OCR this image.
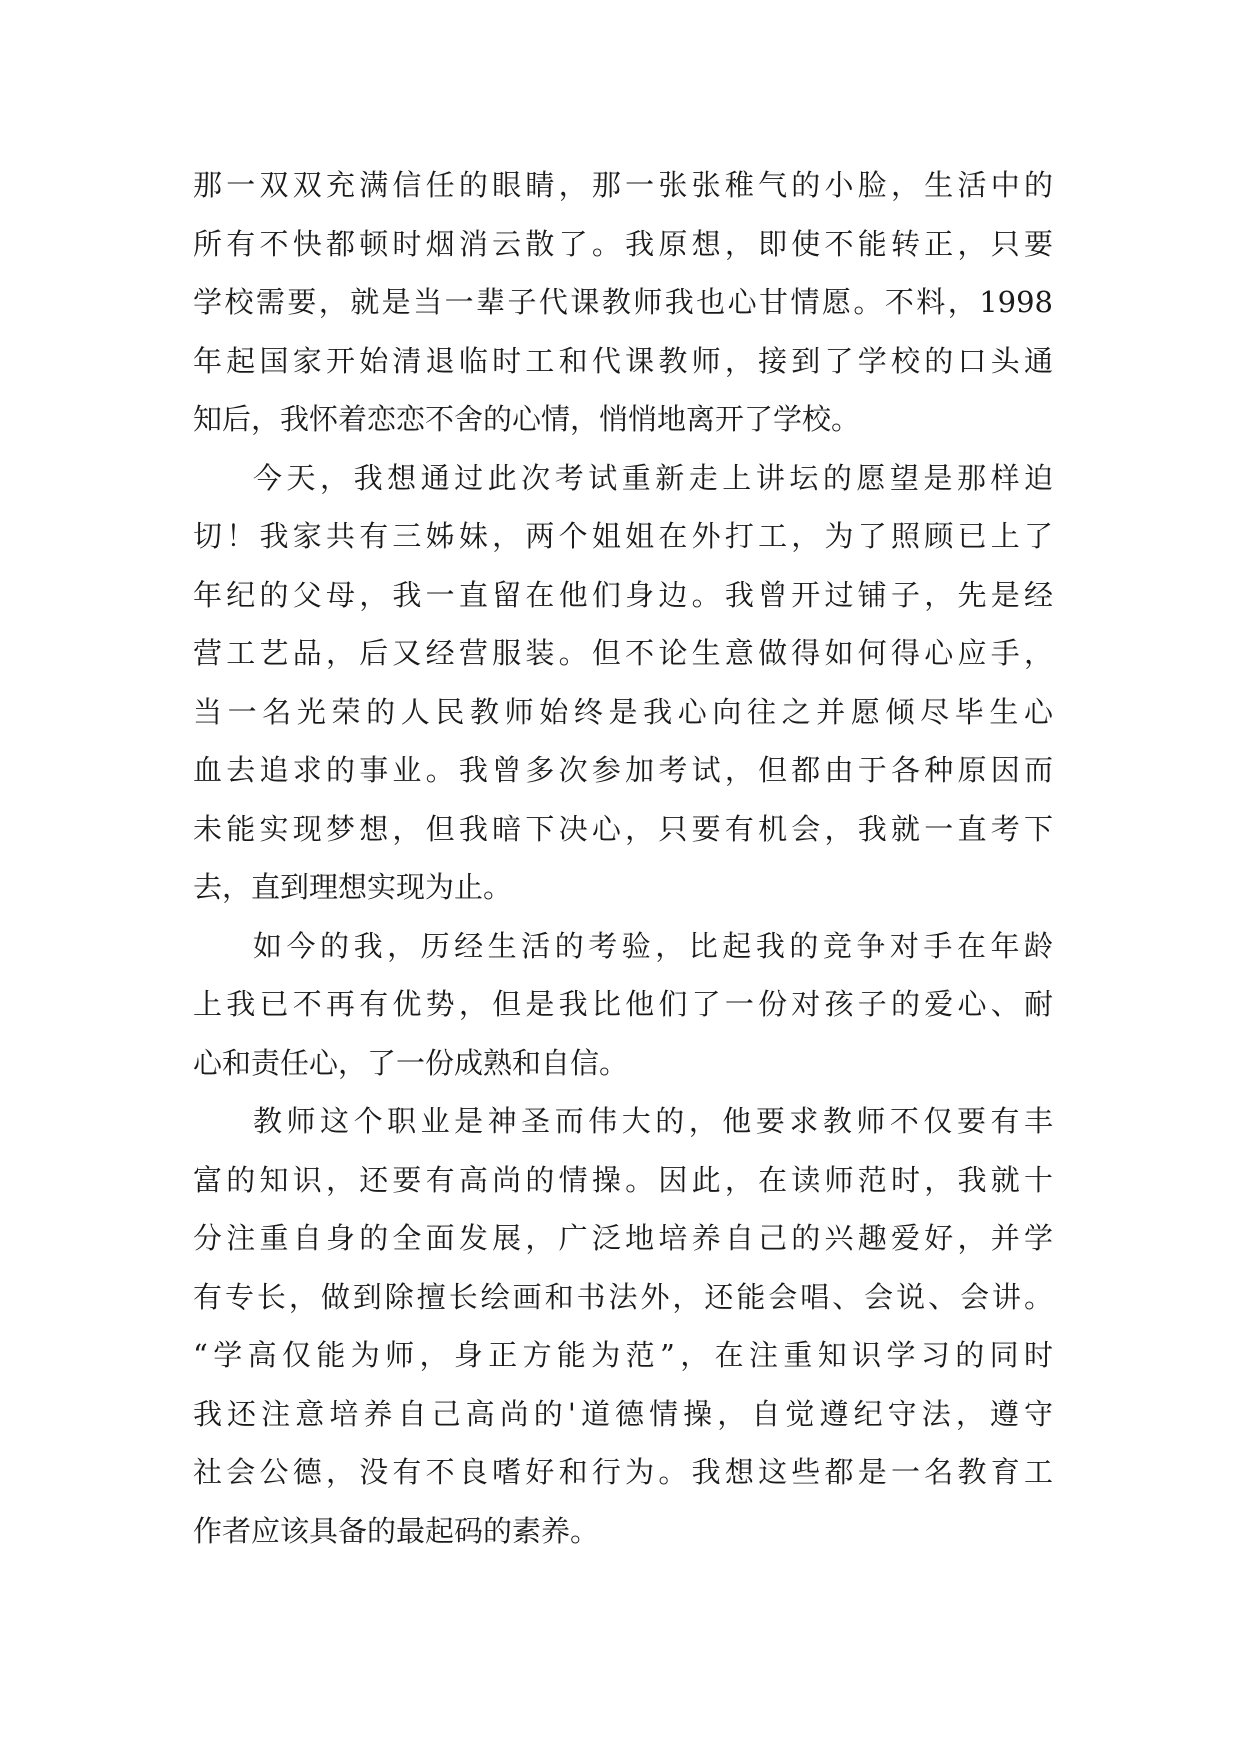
那一双双充满信任的眼睛，那一张张稚气的小脸，生活中的
所有不快都顿时烟消云散了。我原想，即使不能转正，只要
学校需要，就是当一辈子代课教师我也心甘情愿。不料，1998
年起国家开始清退临时工和代课教师，接到了学校的口头通
知后，我怀着恋恋不舍的心情，悄悄地离开了学校。
今天，我想通过此次考试重新走上讲坛的愿望是那样迫
切！我家共有三姊妹，两个姐姐在外打工，为了照顾已上了
年纪的父母，我一直留在他们身边。我曾开过铺子，先是经
营工艺品，后又经营服装。但不论生意做得如何得心应手，
当一名光荣的人民教师始终是我心向往之并愿倾尽毕生心
血去追求的事业。我曾多次参加考试，但都由于各种原因而
未能实现梦想，但我暗下决心，只要有机会，我就一直考下
去，直到理想实现为止。
如今的我，历经生活的考验，比起我的竞争对手在年龄
上我已不再有优势，但是我比他们了一份对孩子的爱心、耐
心和责任心，了一份成熟和自信。
教师这个职业是神圣而伟大的，他要求教师不仅要有丰
富的知识，还要有高尚的情操。因此，在读师范时，我就十
分注重自身的全面发展，广泛地培养自己的兴趣爱好，并学
有专长，做到除擅长绘画和书法外，还能会唱、会说、会讲。
“学高仅能为师，身正方能为范”，在注重知识学习的同时
我还注意培养自己高尚的'道德情操，自觉遵纪守法，遵守
社会公德，没有不良嗜好和行为。我想这些都是一名教育工
作者应该具备的最起码的素养。
